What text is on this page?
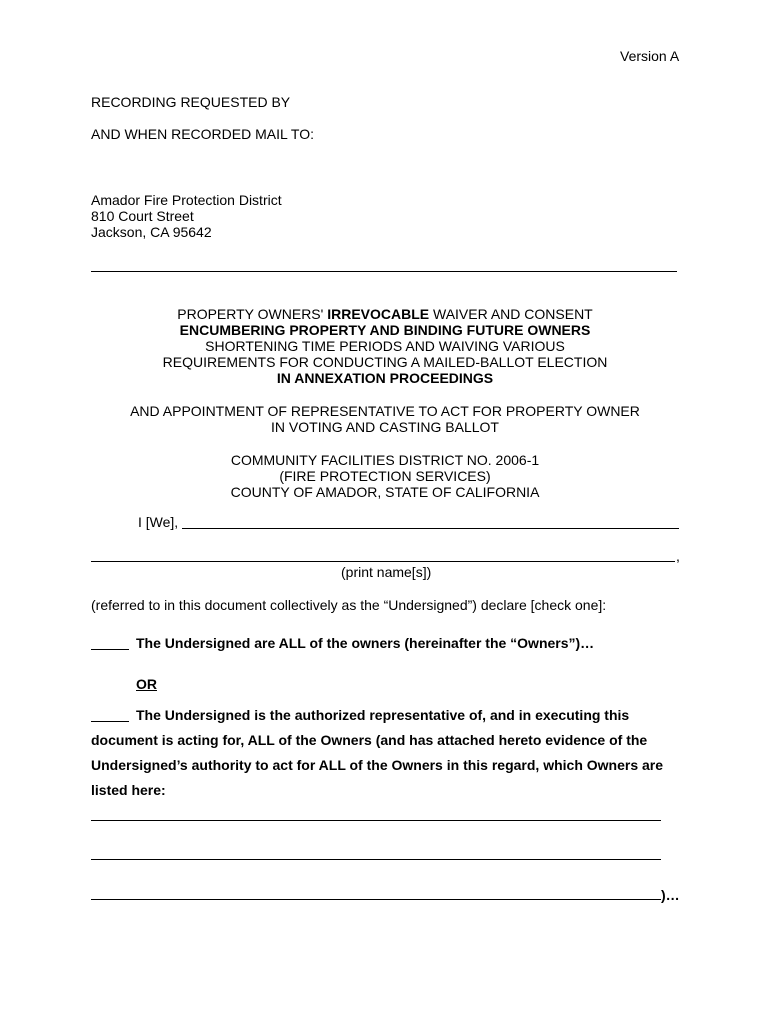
Version A
RECORDING REQUESTED BY
AND WHEN RECORDED MAIL TO:
Amador Fire Protection District
810 Court Street
Jackson, CA 95642
PROPERTY OWNERS' IRREVOCABLE WAIVER AND CONSENT
ENCUMBERING PROPERTY AND BINDING FUTURE OWNERS
SHORTENING TIME PERIODS AND WAIVING VARIOUS
REQUIREMENTS FOR CONDUCTING A MAILED-BALLOT ELECTION
IN ANNEXATION PROCEEDINGS
AND APPOINTMENT OF REPRESENTATIVE TO ACT FOR PROPERTY OWNER
IN VOTING AND CASTING BALLOT
COMMUNITY FACILITIES DISTRICT NO. 2006-1
(FIRE PROTECTION SERVICES)
COUNTY OF AMADOR, STATE OF CALIFORNIA
I [We],
,
(print name[s])
(referred to in this document collectively as the “Undersigned”) declare [check one]:
The Undersigned are ALL of the owners (hereinafter the “Owners”)…
OR
The Undersigned is the authorized representative of, and in executing this
document is acting for, ALL of the Owners (and has attached hereto evidence of the
Undersigned’s authority to act for ALL of the Owners in this regard, which Owners are
listed here:
)…
